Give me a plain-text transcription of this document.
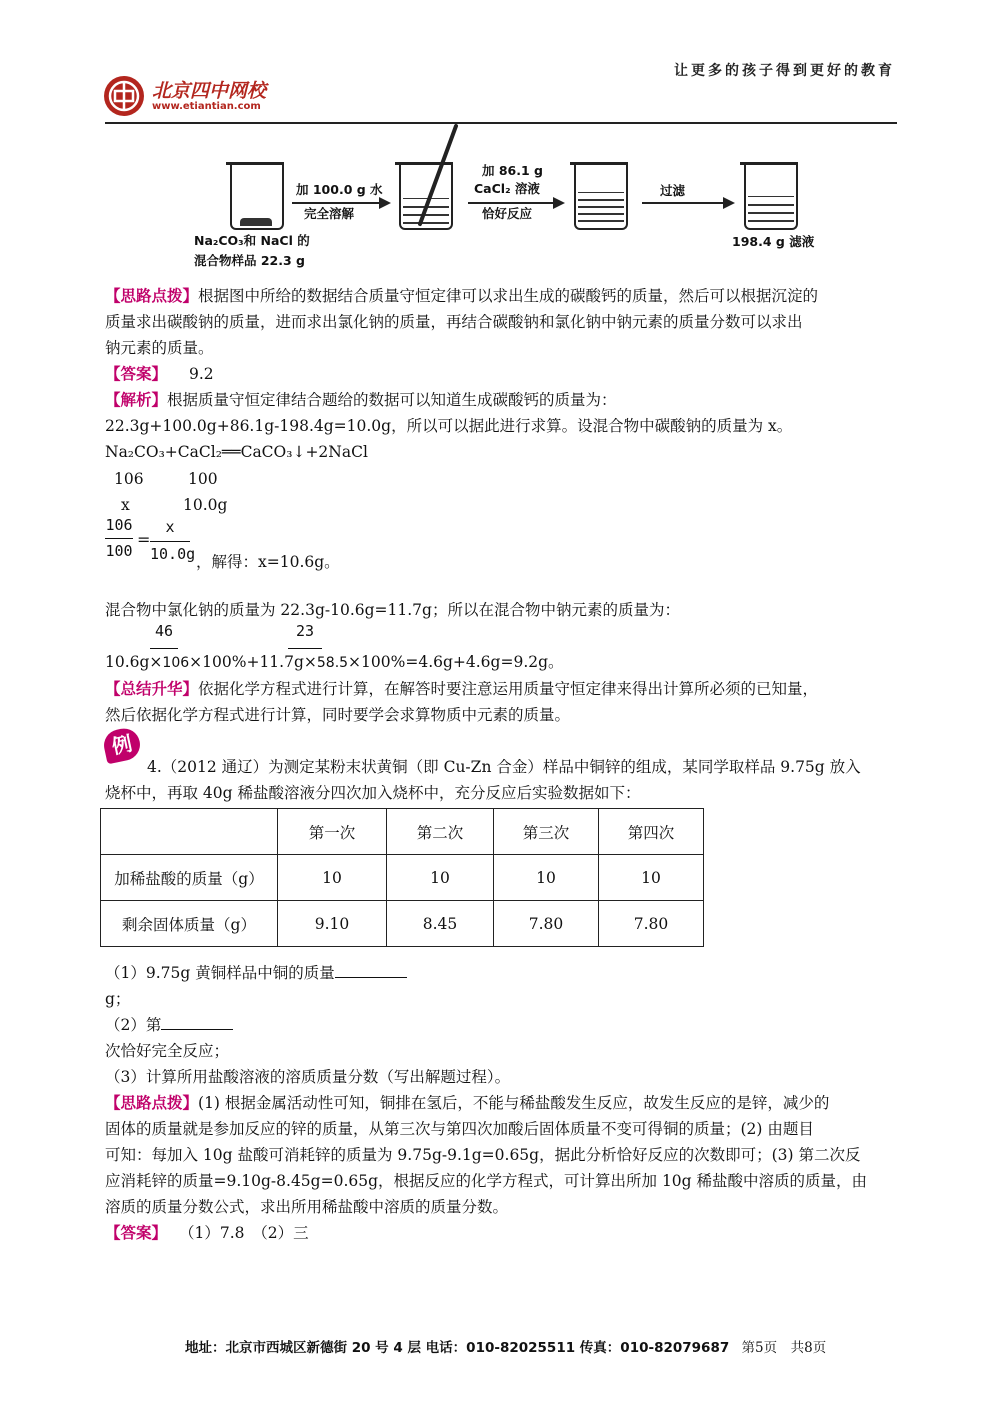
北京四中网校
www.etiantian.com
让更多的孩子得到更好的教育
加 100.0 g 水
完全溶解
加 86.1 g
CaCl₂ 溶液
恰好反应
过滤
Na₂CO₃和 NaCl 的
混合物样品 22.3 g
198.4 g 滤液
【思路点拨】根据图中所给的数据结合质量守恒定律可以求出生成的碳酸钙的质量，然后可以根据沉淀的
质量求出碳酸钠的质量，进而求出氯化钠的质量，再结合碳酸钠和氯化钠中钠元素的质量分数可以求出
钠元素的质量。
【答案】 9.2
【解析】根据质量守恒定律结合题给的数据可以知道生成碳酸钙的质量为：
22.3g+100.0g+86.1g-198.4g=10.0g，所以可以据此进行求算。设混合物中碳酸钠的质量为 x。
Na₂CO₃+CaCl₂══CaCO₃↓+2NaCl
106	100
x	10.0g
106
100
=
x
10.0g ，解得：x=10.6g。
混合物中氯化钠的质量为 22.3g-10.6g=11.7g；所以在混合物中钠元素的质量为：
46	23
10.6g×106×100%+11.7g×58.5×100%=4.6g+4.6g=9.2g。
【总结升华】依据化学方程式进行计算，在解答时要注意运用质量守恒定律来得出计算所必须的已知量，
然后依据化学方程式进行计算，同时要学会求算物质中元素的质量。
例
4.（2012 通辽）为测定某粉末状黄铜（即 Cu-Zn 合金）样品中铜锌的组成，某同学取样品 9.75g 放入
烧杯中，再取 40g 稀盐酸溶液分四次加入烧杯中，充分反应后实验数据如下：
	第一次	第二次	第三次	第四次
加稀盐酸的质量（g）	10	10	10	10
剩余固体质量（g）	9.10	8.45	7.80	7.80
（1）9.75g 黄铜样品中铜的质量
g；
（2）第
次恰好完全反应；
（3）计算所用盐酸溶液的溶质质量分数（写出解题过程）。
【思路点拨】(1) 根据金属活动性可知，铜排在氢后，不能与稀盐酸发生反应，故发生反应的是锌，减少的
固体的质量就是参加反应的锌的质量，从第三次与第四次加酸后固体质量不变可得铜的质量；(2) 由题目
可知：每加入 10g 盐酸可消耗锌的质量为 9.75g-9.1g=0.65g，据此分析恰好反应的次数即可；(3) 第二次反
应消耗锌的质量=9.10g-8.45g=0.65g，根据反应的化学方程式，可计算出所加 10g 稀盐酸中溶质的质量，由
溶质的质量分数公式，求出所用稀盐酸中溶质的质量分数。
【答案】 （1）7.8　（2）三
地址：北京市西城区新德街 20 号 4 层 电话：010-82025511 传真：010-82079687 第5页　共8页
